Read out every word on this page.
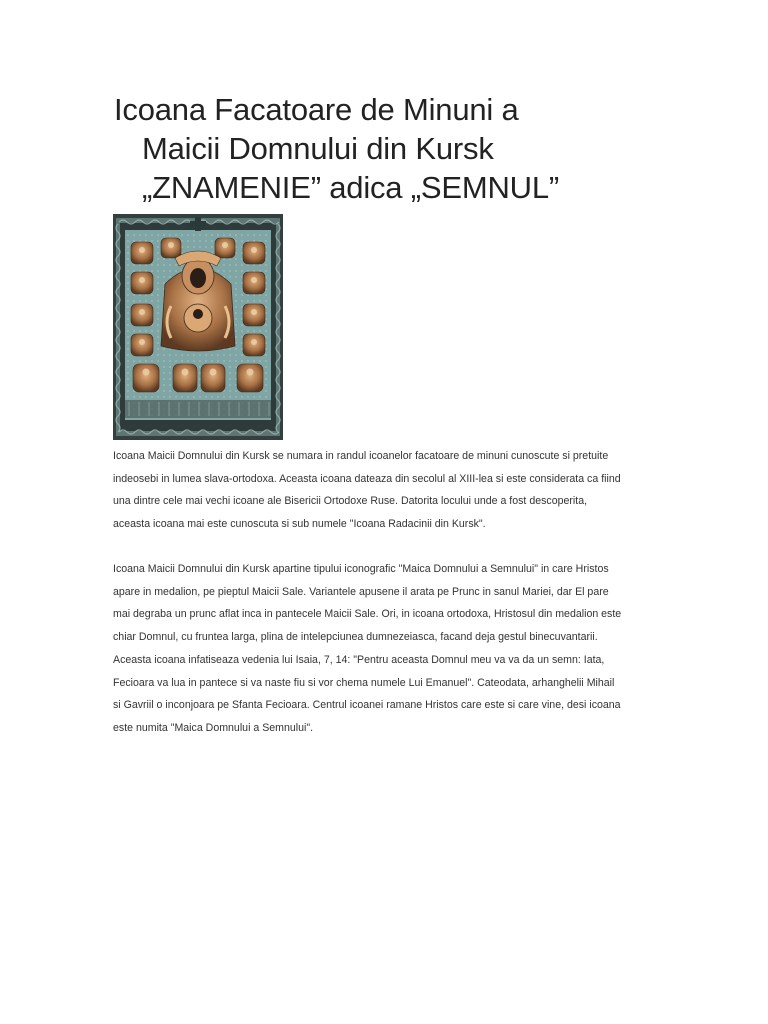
Icoana Facatoare de Minuni a
Maicii Domnului din Kursk
„ZNAMENIE” adica „SEMNUL”

Icoana Maicii Domnului din Kursk se numara in randul icoanelor facatoare de minuni cunoscute si pretuite
indeosebi in lumea slava-ortodoxa. Aceasta icoana dateaza din secolul al XIII-lea si este considerata ca fiind
una dintre cele mai vechi icoane ale Bisericii Ortodoxe Ruse. Datorita locului unde a fost descoperita,
aceasta icoana mai este cunoscuta si sub numele "Icoana Radacinii din Kursk".

Icoana Maicii Domnului din Kursk apartine tipului iconografic "Maica Domnului a Semnului" in care Hristos
apare in medalion, pe pieptul Maicii Sale. Variantele apusene il arata pe Prunc in sanul Mariei, dar El pare
mai degraba un prunc aflat inca in pantecele Maicii Sale. Ori, in icoana ortodoxa, Hristosul din medalion este
chiar Domnul, cu fruntea larga, plina de intelepciunea dumnezeiasca, facand deja gestul binecuvantarii.
Aceasta icoana infatiseaza vedenia lui Isaia, 7, 14: "Pentru aceasta Domnul meu va va da un semn: Iata,
Fecioara va lua in pantece si va naste fiu si vor chema numele Lui Emanuel". Cateodata, arhanghelii Mihail
si Gavriil o inconjoara pe Sfanta Fecioara. Centrul icoanei ramane Hristos care este si care vine, desi icoana
este numita "Maica Domnului a Semnului".
